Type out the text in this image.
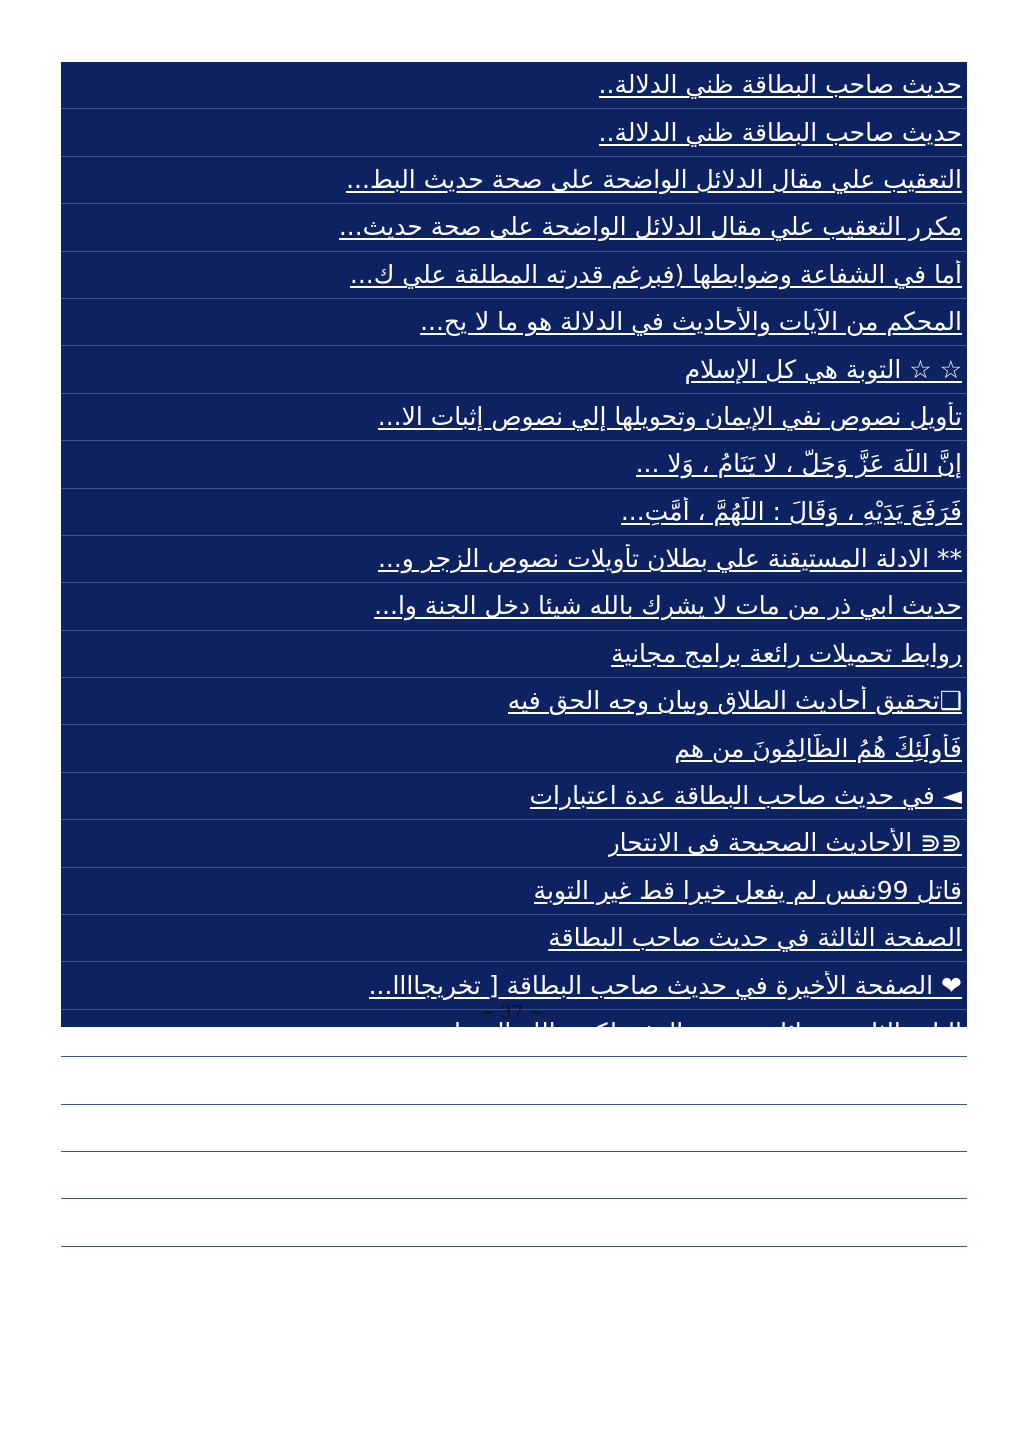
حديث صاحب البطاقة ظني الدلالة..
حديث صاحب البطاقة ظني الدلالة..
التعقيب علي مقال الدلائل الواضحة على صحة حديث البط...
مكرر التعقيب علي مقال الدلائل الواضحة على صحة حديث...
أما في الشفاعة وضوابطها (فبرغم قدرته المطلقة علي ك...
المحكم من الآيات والأحاديث في الدلالة هو ما لا يح...
☆ ☆ التوبة هي كل الإسلام
تأويل نصوص نفي الإيمان وتحويلها إلي نصوص إثبات الا...
إِنَّ اللَّهَ عَزَّ وَجَلَّ ، لا يَنَامُ ، وَلا ...
فَرَفَعَ يَدَيْهِ ، وَقَالَ : اللَّهُمَّ ، أُمَّتِ...
** الادلة المستيقنة علي بطلان تأويلات نصوص الزجر و...
حديث ابي ذر من مات لا يشرك بالله شيئا دخل الجنة وا...
روابط تحميلات رائعة برامج مجانية
❑تحقيق أحاديث الطلاق وبيان وجه الحق فيه
فَأُولَئِكَ هُمُ الظَّالِمُونَ من هم
◄ في حديث صاحب البطاقة عدة اعتبارات
⋐⋐ الأحاديث الصحيحة فى الانتحار
قاتل 99نفس لم يفعل خيرا قط غير التوبة
الصفحة الثالثة في حديث صاحب البطاقة
❤ الصفحة الأخيرة في حديث صاحب البطاقة [ تخريجاااا...
الباب الثاني وسائل تحريف البشر لكتب الله المنزلة ع...
الباب الأول: لماذا امتنع التأويل في نصوص الزجر وسا...
نظام الطلاق في الإسلام الطلاق هو للعدة كما أمر الل...
31❑تحقيق أحاديث الطلاق وبيان وجه الحق فيه
▩ تعريف معني شيئ في كتاب الله ومعجم لسان العرب
▢| ■ الَّذِينَ آمَنُوا وَلَمْ يَلْبِسُوا إِيمَانَهم بظلم
~ 37 ~
